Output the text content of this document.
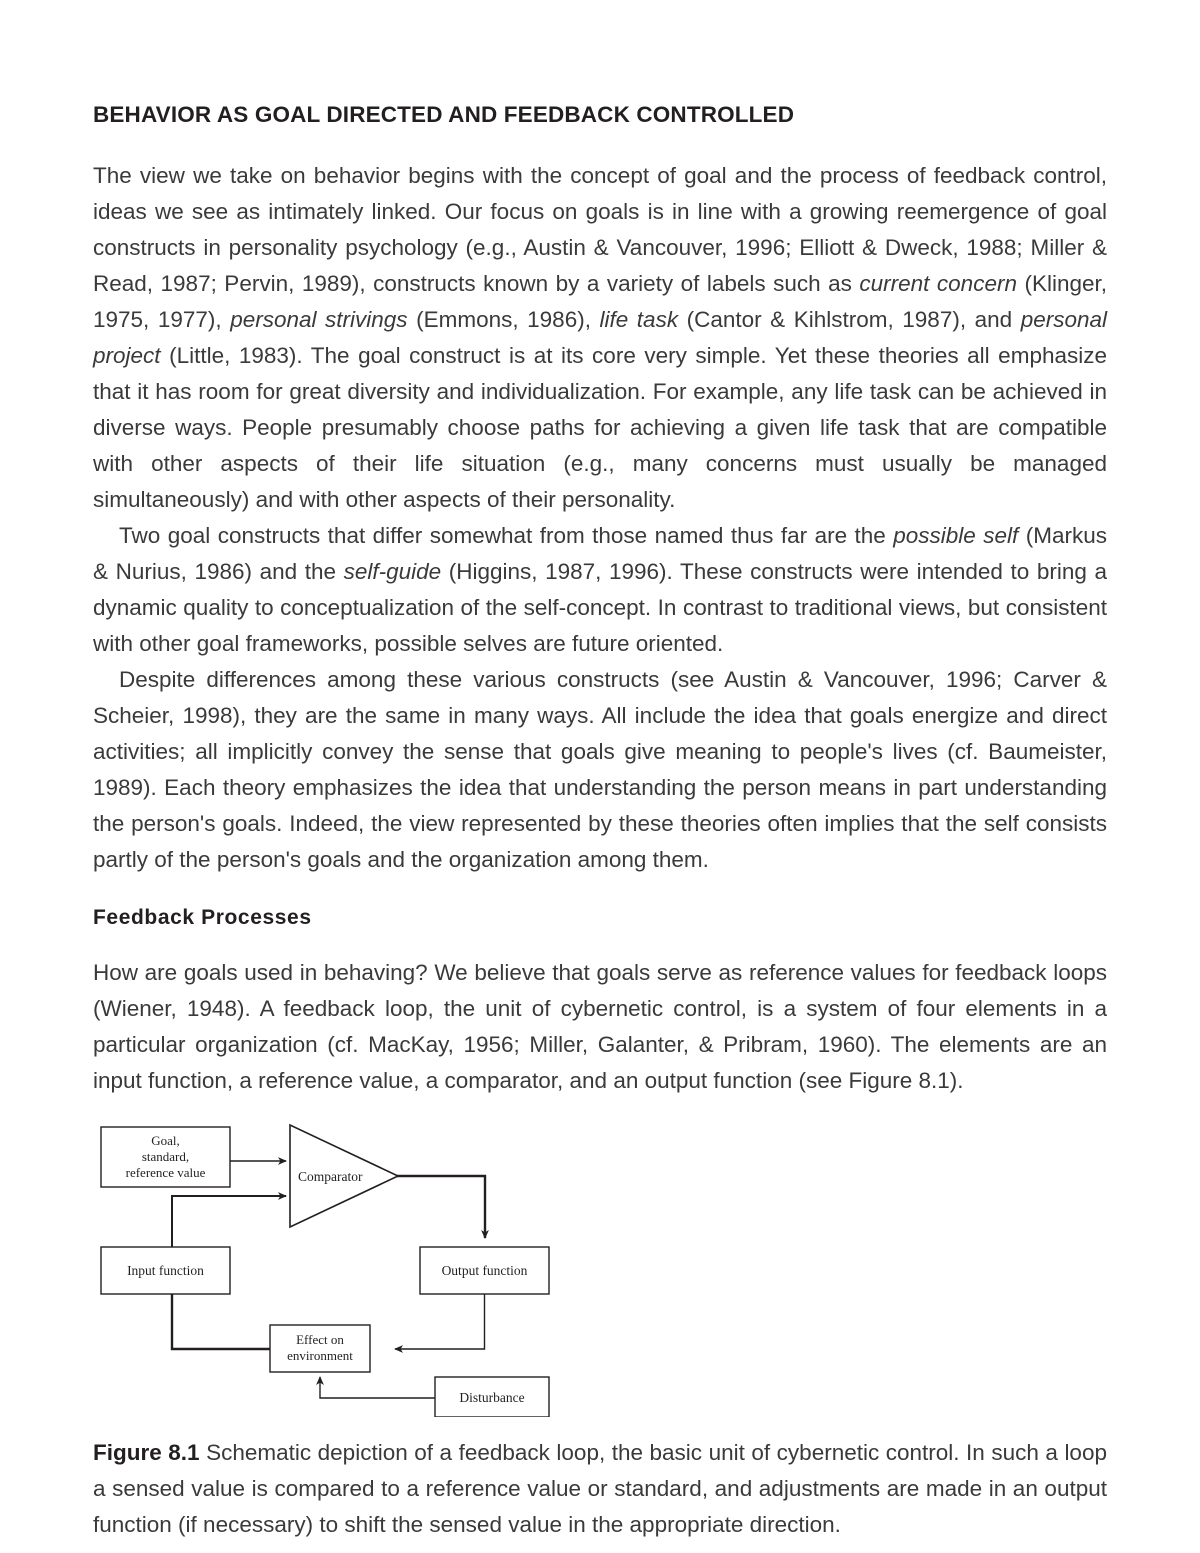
BEHAVIOR AS GOAL DIRECTED AND FEEDBACK CONTROLLED

The view we take on behavior begins with the concept of goal and the process of feedback control, ideas we see as intimately linked. Our focus on goals is in line with a growing reemergence of goal constructs in personality psychology (e.g., Austin & Vancouver, 1996; Elliott & Dweck, 1988; Miller & Read, 1987; Pervin, 1989), constructs known by a variety of labels such as current concern (Klinger, 1975, 1977), personal strivings (Emmons, 1986), life task (Cantor & Kihlstrom, 1987), and personal project (Little, 1983). The goal construct is at its core very simple. Yet these theories all emphasize that it has room for great diversity and individualization. For example, any life task can be achieved in diverse ways. People presumably choose paths for achieving a given life task that are compatible with other aspects of their life situation (e.g., many concerns must usually be managed simultaneously) and with other aspects of their personality.

Two goal constructs that differ somewhat from those named thus far are the possible self (Markus & Nurius, 1986) and the self-guide (Higgins, 1987, 1996). These constructs were intended to bring a dynamic quality to conceptualization of the self-concept. In contrast to traditional views, but consistent with other goal frameworks, possible selves are future oriented.

Despite differences among these various constructs (see Austin & Vancouver, 1996; Carver & Scheier, 1998), they are the same in many ways. All include the idea that goals energize and direct activities; all implicitly convey the sense that goals give meaning to people's lives (cf. Baumeister, 1989). Each theory emphasizes the idea that understanding the person means in part understanding the person's goals. Indeed, the view represented by these theories often implies that the self consists partly of the person's goals and the organization among them.

Feedback Processes

How are goals used in behaving? We believe that goals serve as reference values for feedback loops (Wiener, 1948). A feedback loop, the unit of cybernetic control, is a system of four elements in a particular organization (cf. MacKay, 1956; Miller, Galanter, & Pribram, 1960). The elements are an input function, a reference value, a comparator, and an output function (see Figure 8.1).

Goal,
standard,
reference value	Comparator
Input function	Output function
Effect on
environment
Disturbance

Figure 8.1 Schematic depiction of a feedback loop, the basic unit of cybernetic control. In such a loop a sensed value is compared to a reference value or standard, and adjustments are made in an output function (if necessary) to shift the sensed value in the appropriate direction.
